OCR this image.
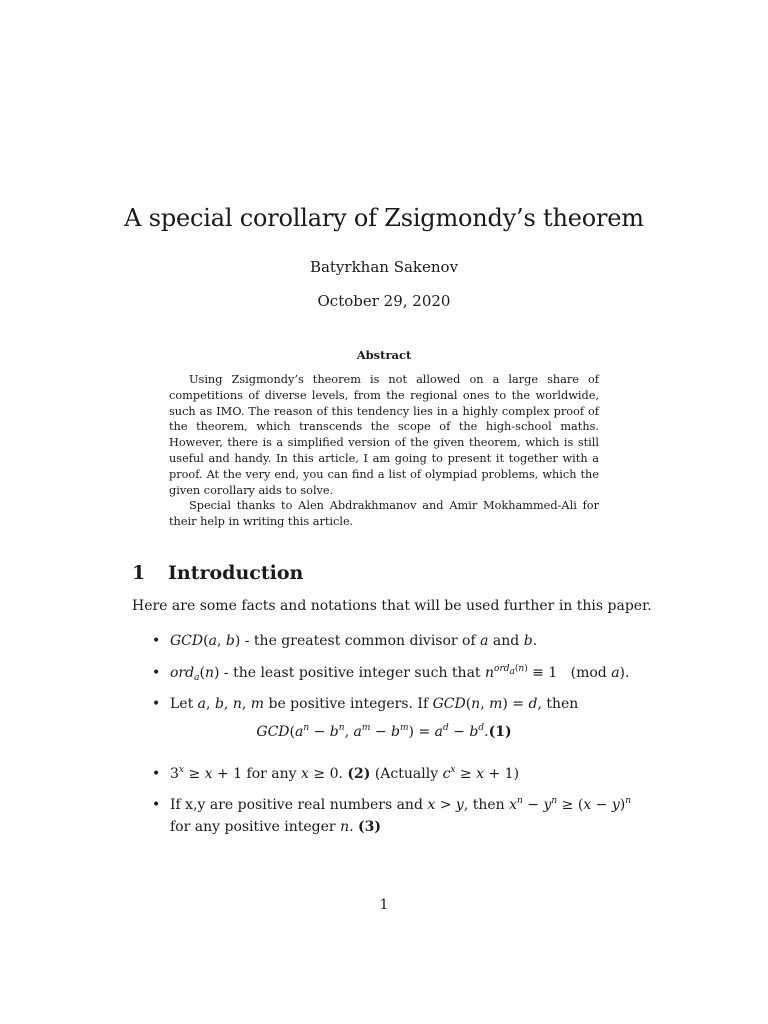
A special corollary of Zsigmondy’s theorem
Batyrkhan Sakenov
October 29, 2020
Abstract

Using Zsigmondy’s theorem is not allowed on a large share of competitions of diverse levels, from the regional ones to the worldwide, such as IMO. The reason of this tendency lies in a highly complex proof of the theorem, which transcends the scope of the high-school maths. However, there is a simplified version of the given theorem, which is still useful and handy. In this article, I am going to present it together with a proof. At the very end, you can find a list of olympiad problems, which the given corollary aids to solve.

Special thanks to Alen Abdrakhmanov and Amir Mokhammed-Ali for their help in writing this article.

1 Introduction
Here are some facts and notations that will be used further in this paper.
• GCD(a, b) - the greatest common divisor of a and b.
• ord$_a$(n) - the least positive integer such that $n^{ord_a(n)} \equiv 1$   (mod a).
• Let a, b, n, m be positive integers. If GCD(n, m) = d, then
• $3^x \ge x + 1$ for any x ≥ 0. (2) (Actually $c^x \ge x + 1$)
• If x,y are positive real numbers and x > y, then $x^n - y^n \ge (x - y)^n$ for any positive integer n. (3)
$GCD(a^n - b^n$, $a^m - b^m) = a^d - b^d.(1)$
1
